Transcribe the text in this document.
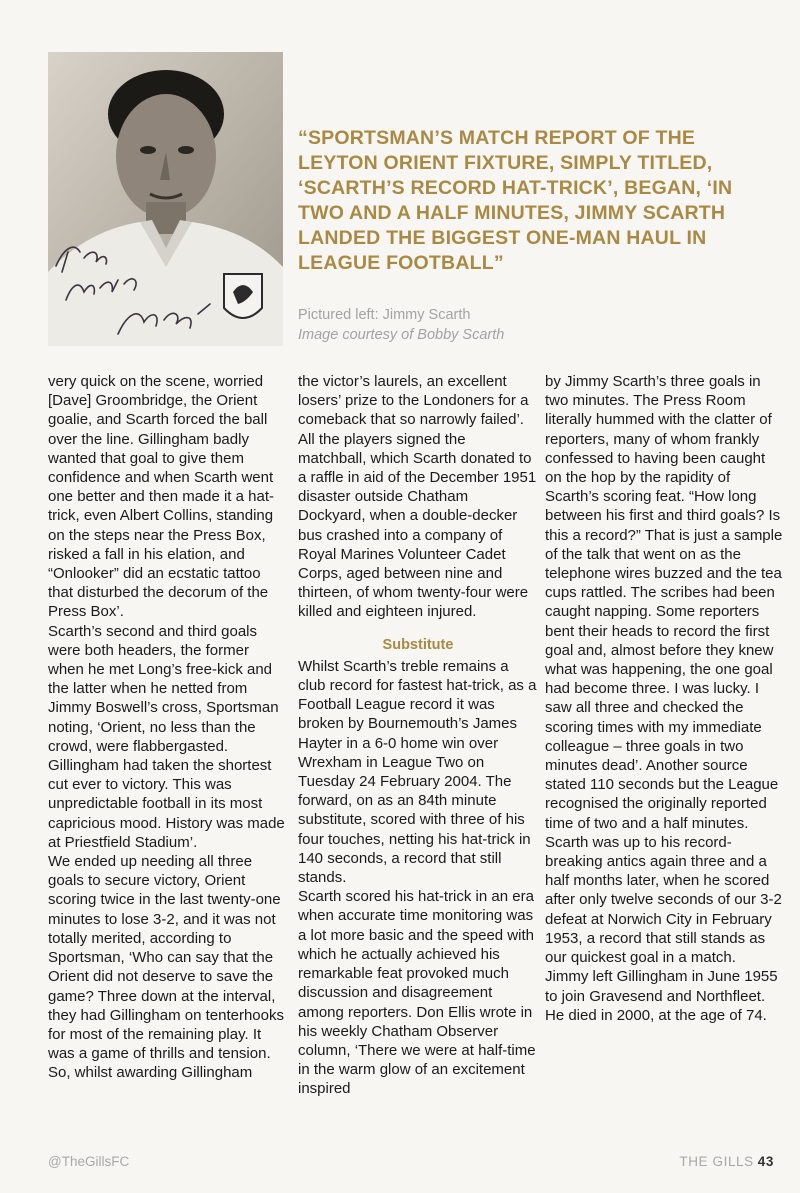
“SPORTSMAN’S MATCH REPORT OF THE LEYTON ORIENT FIXTURE, SIMPLY TITLED, ‘SCARTH’S RECORD HAT-TRICK’, BEGAN, ‘IN TWO AND A HALF MINUTES, JIMMY SCARTH LANDED THE BIGGEST ONE-MAN HAUL IN LEAGUE FOOTBALL”
Pictured left: Jimmy Scarth
Image courtesy of Bobby Scarth

very quick on the scene, worried [Dave] Groombridge, the Orient goalie, and Scarth forced the ball over the line. Gillingham badly wanted that goal to give them confidence and when Scarth went one better and then made it a hat-trick, even Albert Collins, standing on the steps near the Press Box, risked a fall in his elation, and “Onlooker” did an ecstatic tattoo that disturbed the decorum of the Press Box’.

Scarth’s second and third goals were both headers, the former when he met Long’s free-kick and the latter when he netted from Jimmy Boswell’s cross, Sportsman noting, ‘Orient, no less than the crowd, were flabbergasted. Gillingham had taken the shortest cut ever to victory. This was unpredictable football in its most capricious mood. History was made at Priestfield Stadium’.

We ended up needing all three goals to secure victory, Orient scoring twice in the last twenty-one minutes to lose 3-2, and it was not totally merited, according to Sportsman, ‘Who can say that the Orient did not deserve to save the game? Three down at the interval, they had Gillingham on tenterhooks for most of the remaining play. It was a game of thrills and tension. So, whilst awarding Gillingham

the victor’s laurels, an excellent losers’ prize to the Londoners for a comeback that so narrowly failed’. All the players signed the matchball, which Scarth donated to a raffle in aid of the December 1951 disaster outside Chatham Dockyard, when a double-decker bus crashed into a company of Royal Marines Volunteer Cadet Corps, aged between nine and thirteen, of whom twenty-four were killed and eighteen injured.

Substitute

Whilst Scarth’s treble remains a club record for fastest hat-trick, as a Football League record it was broken by Bournemouth’s James Hayter in a 6-0 home win over Wrexham in League Two on Tuesday 24 February 2004. The forward, on as an 84th minute substitute, scored with three of his four touches, netting his hat-trick in 140 seconds, a record that still stands.

Scarth scored his hat-trick in an era when accurate time monitoring was a lot more basic and the speed with which he actually achieved his remarkable feat provoked much discussion and disagreement among reporters. Don Ellis wrote in his weekly Chatham Observer column, ‘There we were at half-time in the warm glow of an excitement inspired

by Jimmy Scarth’s three goals in two minutes. The Press Room literally hummed with the clatter of reporters, many of whom frankly confessed to having been caught on the hop by the rapidity of Scarth’s scoring feat. “How long between his first and third goals? Is this a record?” That is just a sample of the talk that went on as the telephone wires buzzed and the tea cups rattled. The scribes had been caught napping. Some reporters bent their heads to record the first goal and, almost before they knew what was happening, the one goal had become three. I was lucky. I saw all three and checked the scoring times with my immediate colleague – three goals in two minutes dead’. Another source stated 110 seconds but the League recognised the originally reported time of two and a half minutes.

Scarth was up to his record-breaking antics again three and a half months later, when he scored after only twelve seconds of our 3-2 defeat at Norwich City in February 1953, a record that still stands as our quickest goal in a match.

Jimmy left Gillingham in June 1955 to join Gravesend and Northfleet. He died in 2000, at the age of 74.

@TheGillsFC	THE GILLS 43
